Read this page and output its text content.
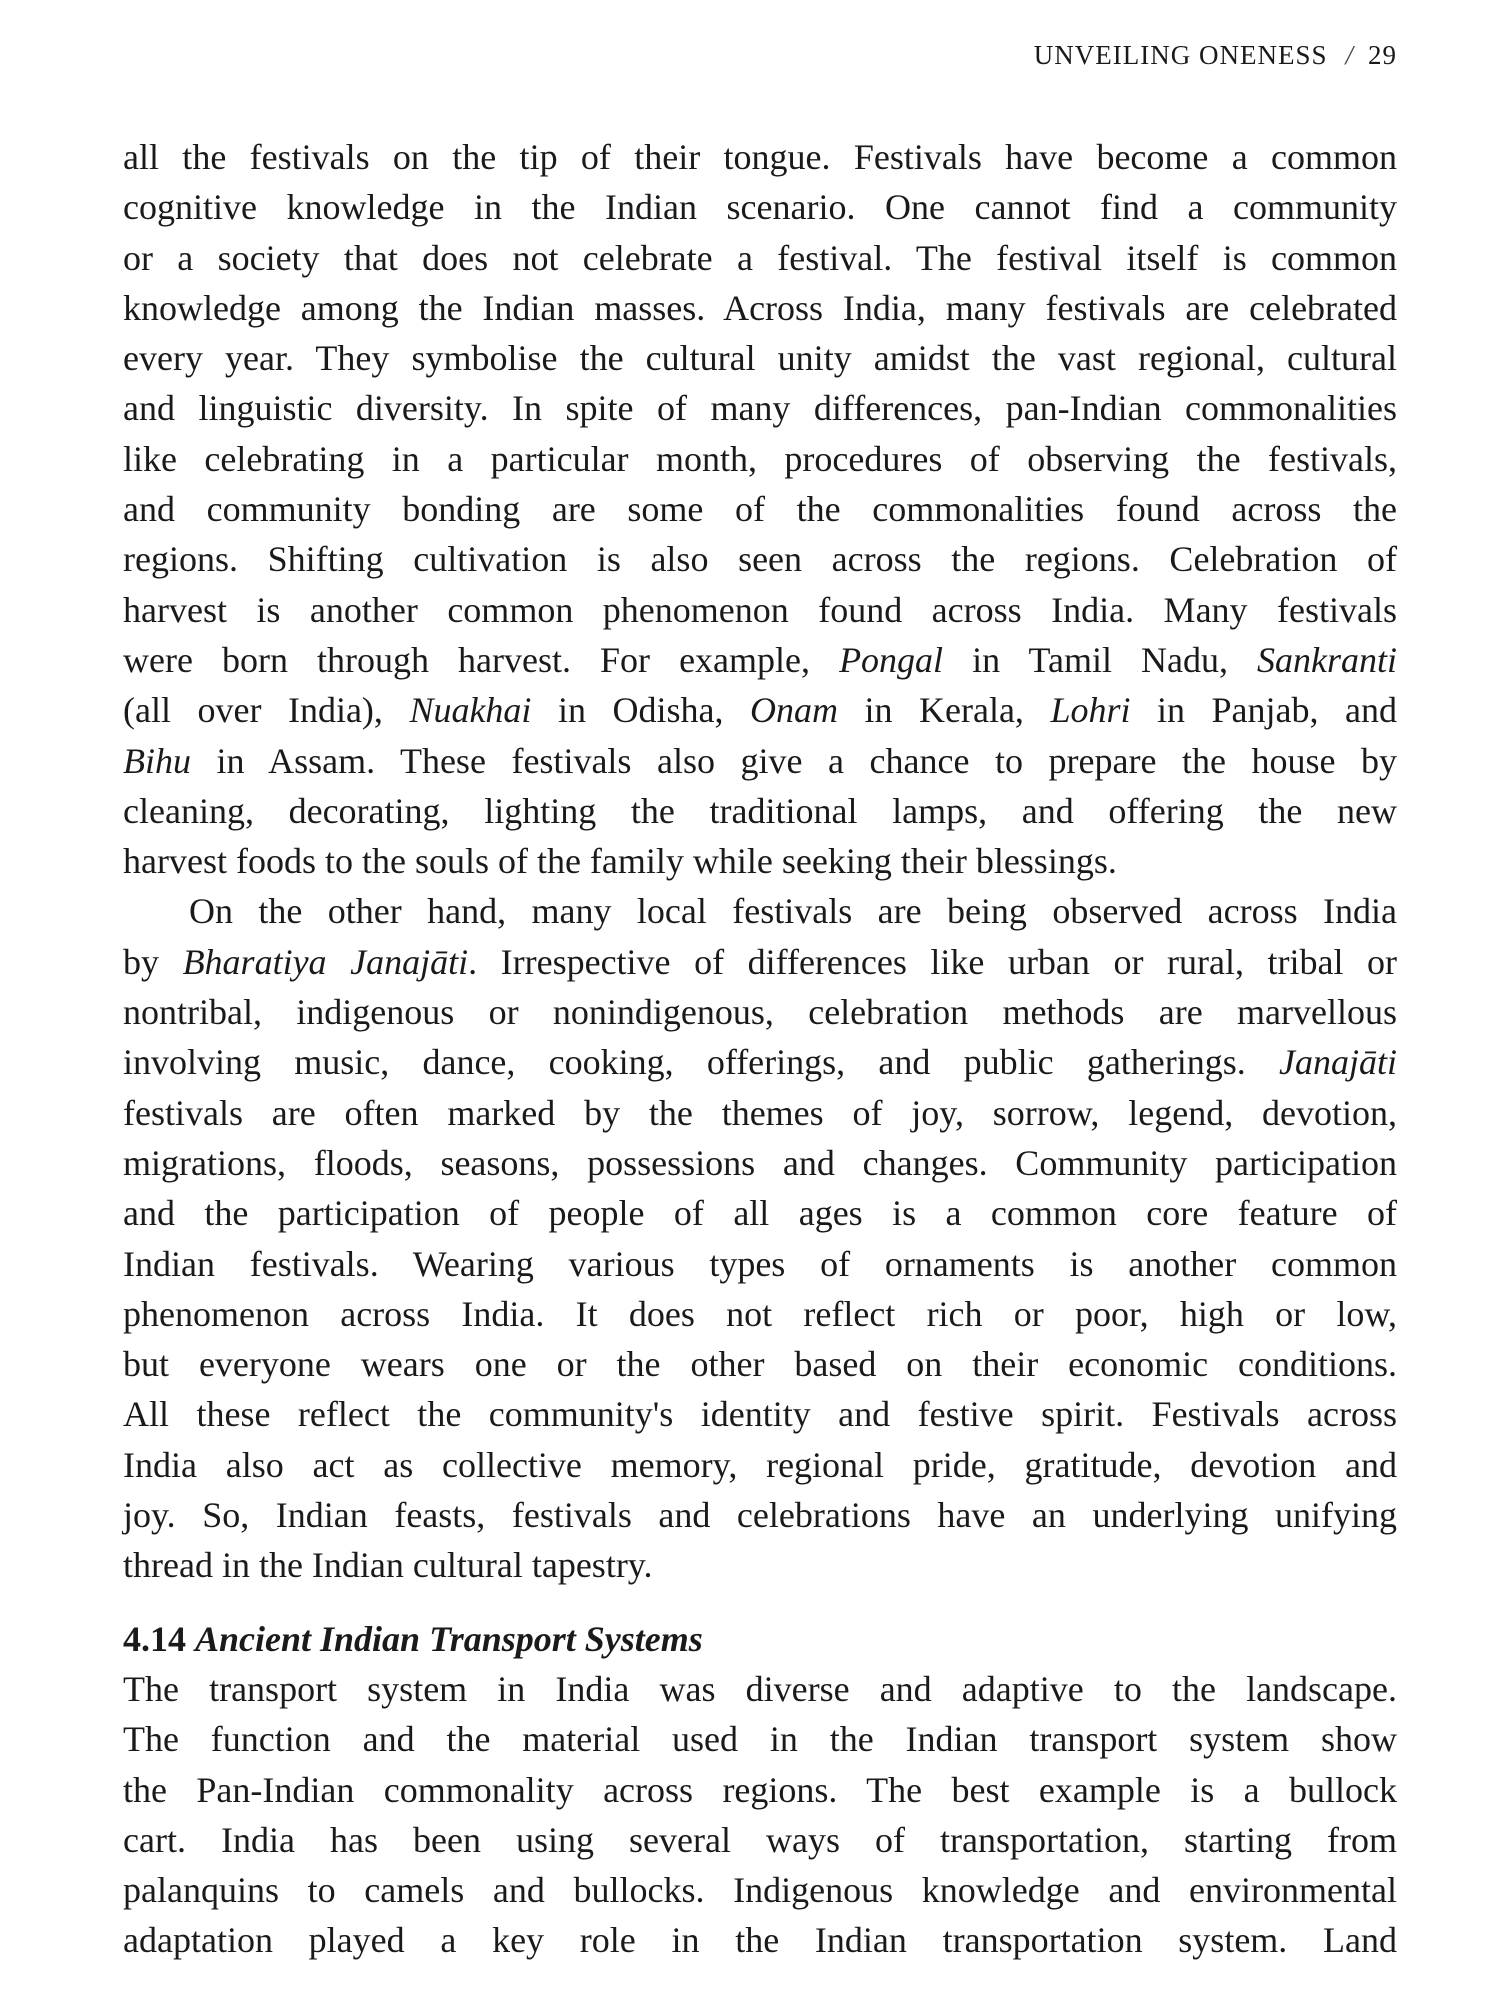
UNVEILING ONENESS / 29
all the festivals on the tip of their tongue. Festivals have become a common
cognitive knowledge in the Indian scenario. One cannot find a community
or a society that does not celebrate a festival. The festival itself is common
knowledge among the Indian masses. Across India, many festivals are celebrated
every year. They symbolise the cultural unity amidst the vast regional, cultural
and linguistic diversity. In spite of many differences, pan-Indian commonalities
like celebrating in a particular month, procedures of observing the festivals,
and community bonding are some of the commonalities found across the
regions. Shifting cultivation is also seen across the regions. Celebration of
harvest is another common phenomenon found across India. Many festivals
were born through harvest. For example, Pongal in Tamil Nadu, Sankranti
(all over India), Nuakhai in Odisha, Onam in Kerala, Lohri in Panjab, and
Bihu in Assam. These festivals also give a chance to prepare the house by
cleaning, decorating, lighting the traditional lamps, and offering the new
harvest foods to the souls of the family while seeking their blessings.
On the other hand, many local festivals are being observed across India
by Bharatiya Janajāti. Irrespective of differences like urban or rural, tribal or
nontribal, indigenous or nonindigenous, celebration methods are marvellous
involving music, dance, cooking, offerings, and public gatherings. Janajāti
festivals are often marked by the themes of joy, sorrow, legend, devotion,
migrations, floods, seasons, possessions and changes. Community participation
and the participation of people of all ages is a common core feature of
Indian festivals. Wearing various types of ornaments is another common
phenomenon across India. It does not reflect rich or poor, high or low,
but everyone wears one or the other based on their economic conditions.
All these reflect the community's identity and festive spirit. Festivals across
India also act as collective memory, regional pride, gratitude, devotion and
joy. So, Indian feasts, festivals and celebrations have an underlying unifying
thread in the Indian cultural tapestry.
4.14 Ancient Indian Transport Systems
The transport system in India was diverse and adaptive to the landscape.
The function and the material used in the Indian transport system show
the Pan-Indian commonality across regions. The best example is a bullock
cart. India has been using several ways of transportation, starting from
palanquins to camels and bullocks. Indigenous knowledge and environmental
adaptation played a key role in the Indian transportation system. Land
